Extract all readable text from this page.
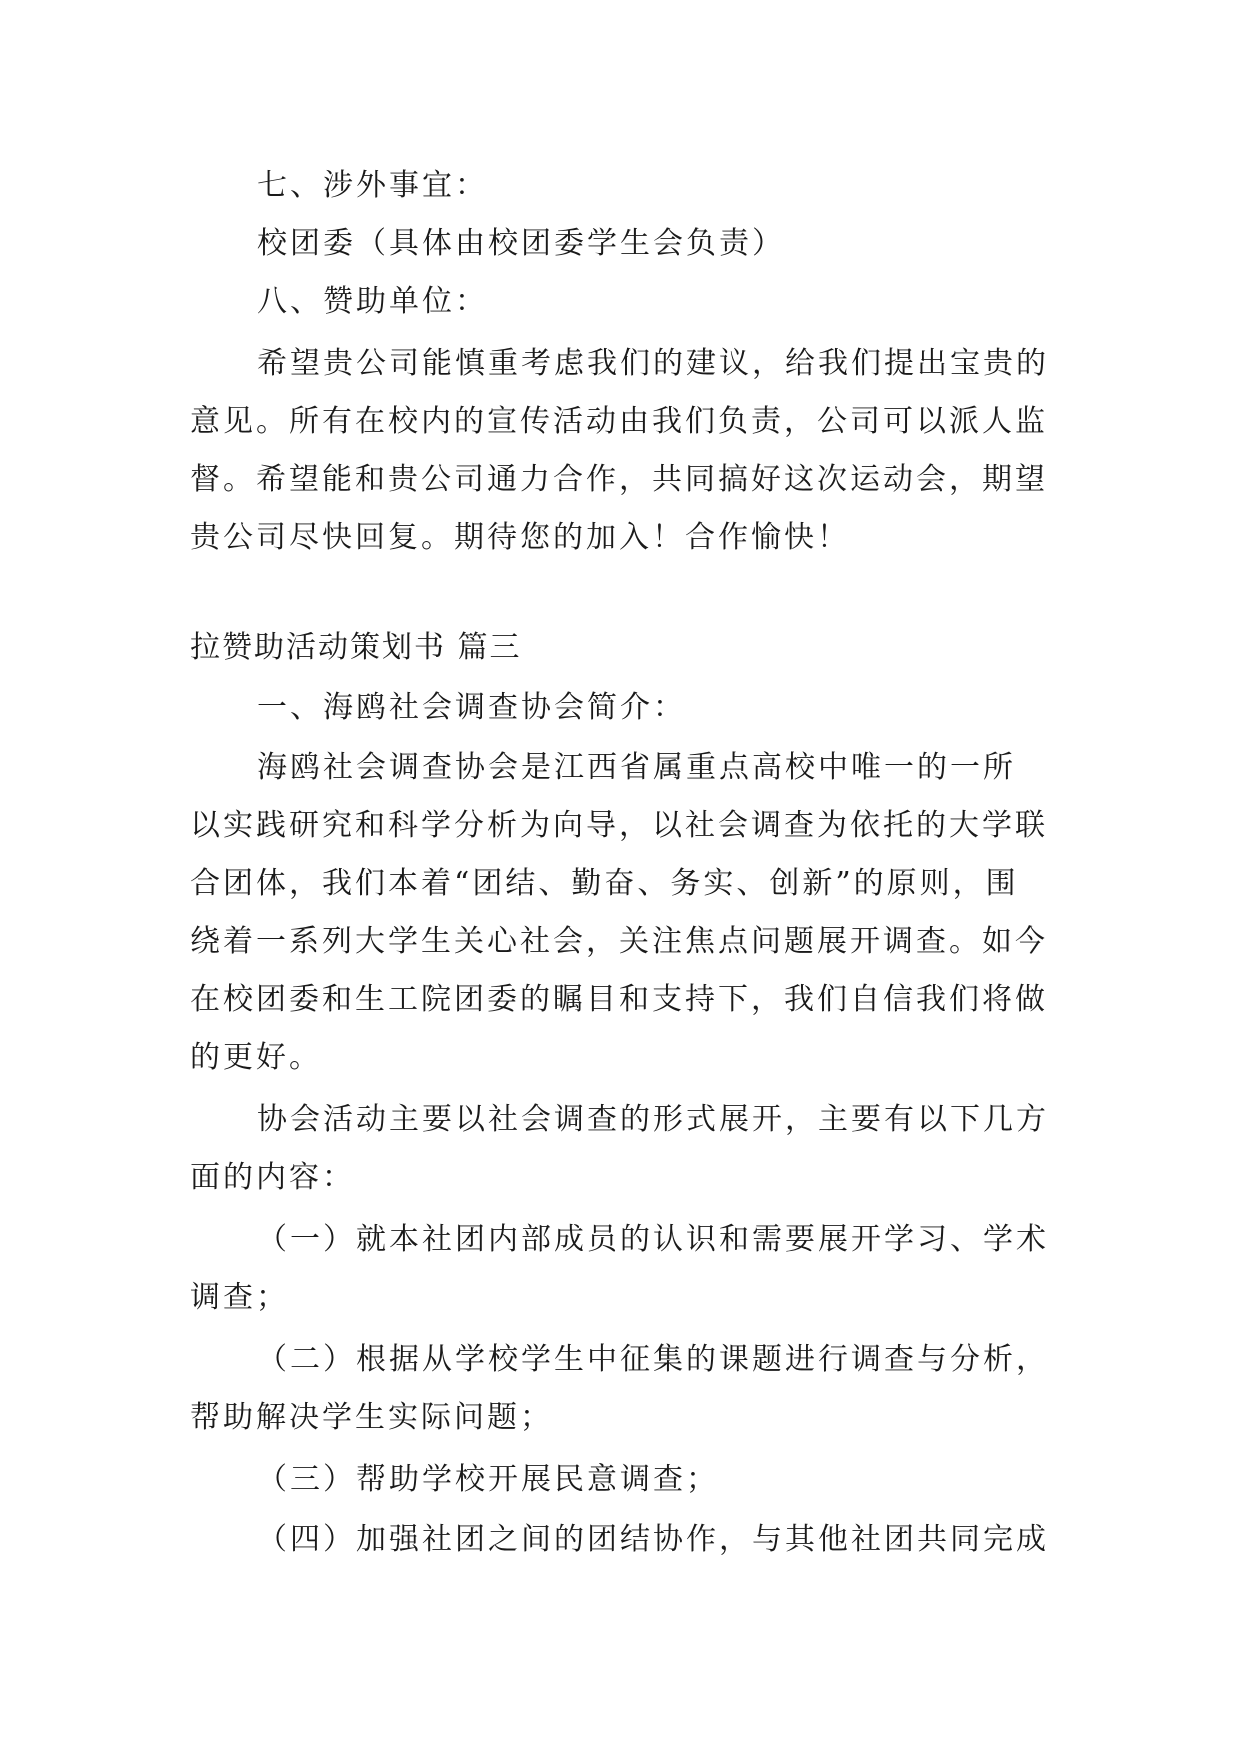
七、涉外事宜：
校团委（具体由校团委学生会负责）
八、赞助单位：
希望贵公司能慎重考虑我们的建议，给我们提出宝贵的
意见。所有在校内的宣传活动由我们负责，公司可以派人监
督。希望能和贵公司通力合作，共同搞好这次运动会，期望
贵公司尽快回复。期待您的加入！合作愉快！
拉赞助活动策划书 篇三
一、海鸥社会调查协会简介：
海鸥社会调查协会是江西省属重点高校中唯一的一所
以实践研究和科学分析为向导，以社会调查为依托的大学联
合团体，我们本着“团结、勤奋、务实、创新”的原则，围
绕着一系列大学生关心社会，关注焦点问题展开调查。如今
在校团委和生工院团委的瞩目和支持下，我们自信我们将做
的更好。
协会活动主要以社会调查的形式展开，主要有以下几方
面的内容：
（一）就本社团内部成员的认识和需要展开学习、学术
调查；
（二）根据从学校学生中征集的课题进行调查与分析，
帮助解决学生实际问题；
（三）帮助学校开展民意调查；
（四）加强社团之间的团结协作，与其他社团共同完成
